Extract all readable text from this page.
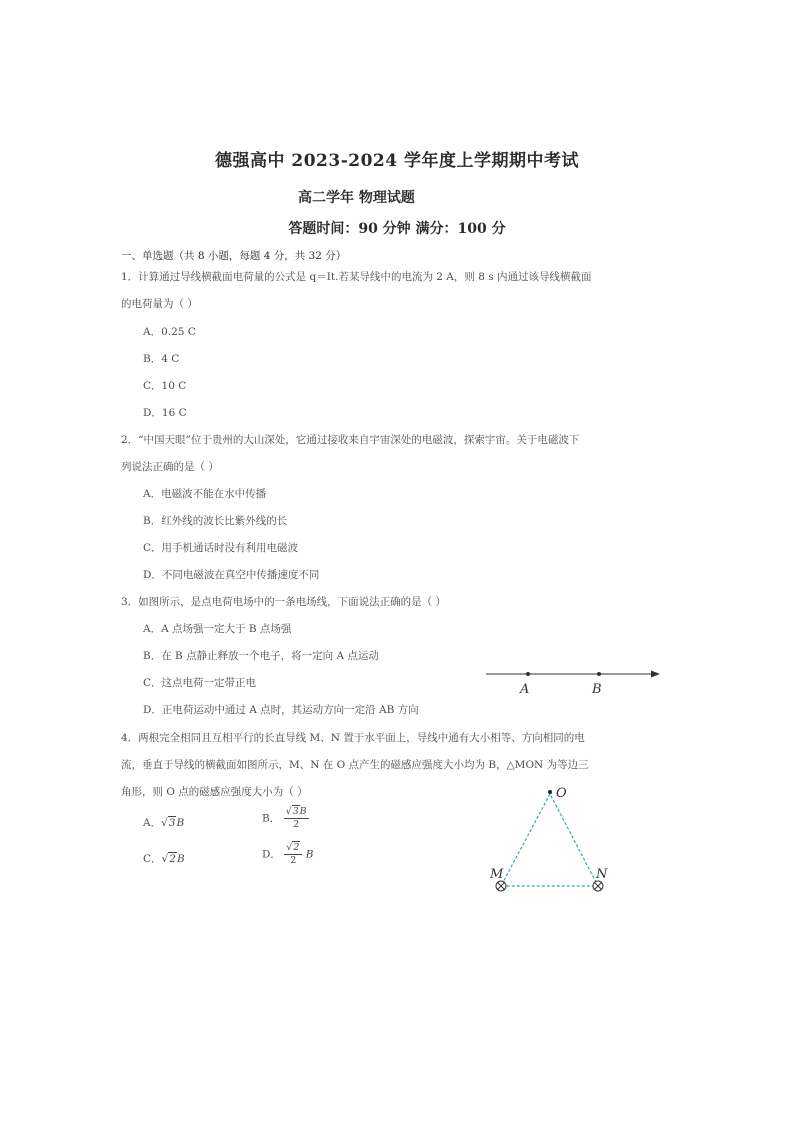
德强高中 2023-2024 学年度上学期期中考试
高二学年 物理试题
答题时间：90 分钟 满分：100 分
一、单选题（共 8 小题，每题 4 分，共 32 分）
1．计算通过导线横截面电荷量的公式是 q＝It.若某导线中的电流为 2 A，则 8 s 内通过该导线横截面
的电荷量为（ ）
A．0.25 C
B．4 C
C．10 C
D．16 C
2．“中国天眼”位于贵州的大山深处，它通过接收来自宇宙深处的电磁波，探索宇宙。关于电磁波下
列说法正确的是（ ）
A．电磁波不能在水中传播
B．红外线的波长比紫外线的长
C．用手机通话时没有利用电磁波
D．不同电磁波在真空中传播速度不同
3．如图所示，是点电荷电场中的一条电场线，下面说法正确的是（ ）
A．A 点场强一定大于 B 点场强
B．在 B 点静止释放一个电子，将一定向 A 点运动
C．这点电荷一定带正电
D．正电荷运动中通过 A 点时，其运动方向一定沿 AB 方向
A	B
4．两根完全相同且互相平行的长直导线 M、N 置于水平面上，导线中通有大小相等、方向相同的电
流，垂直于导线的横截面如图所示，M、N 在 O 点产生的磁感应强度大小均为 B，△MON 为等边三
角形，则 O 点的磁感应强度大小为（ ）
A．√3B	B． $\frac{√3B}{2}$
C．√2B	D． $\frac{√2}{2}$ B
O
M	N
